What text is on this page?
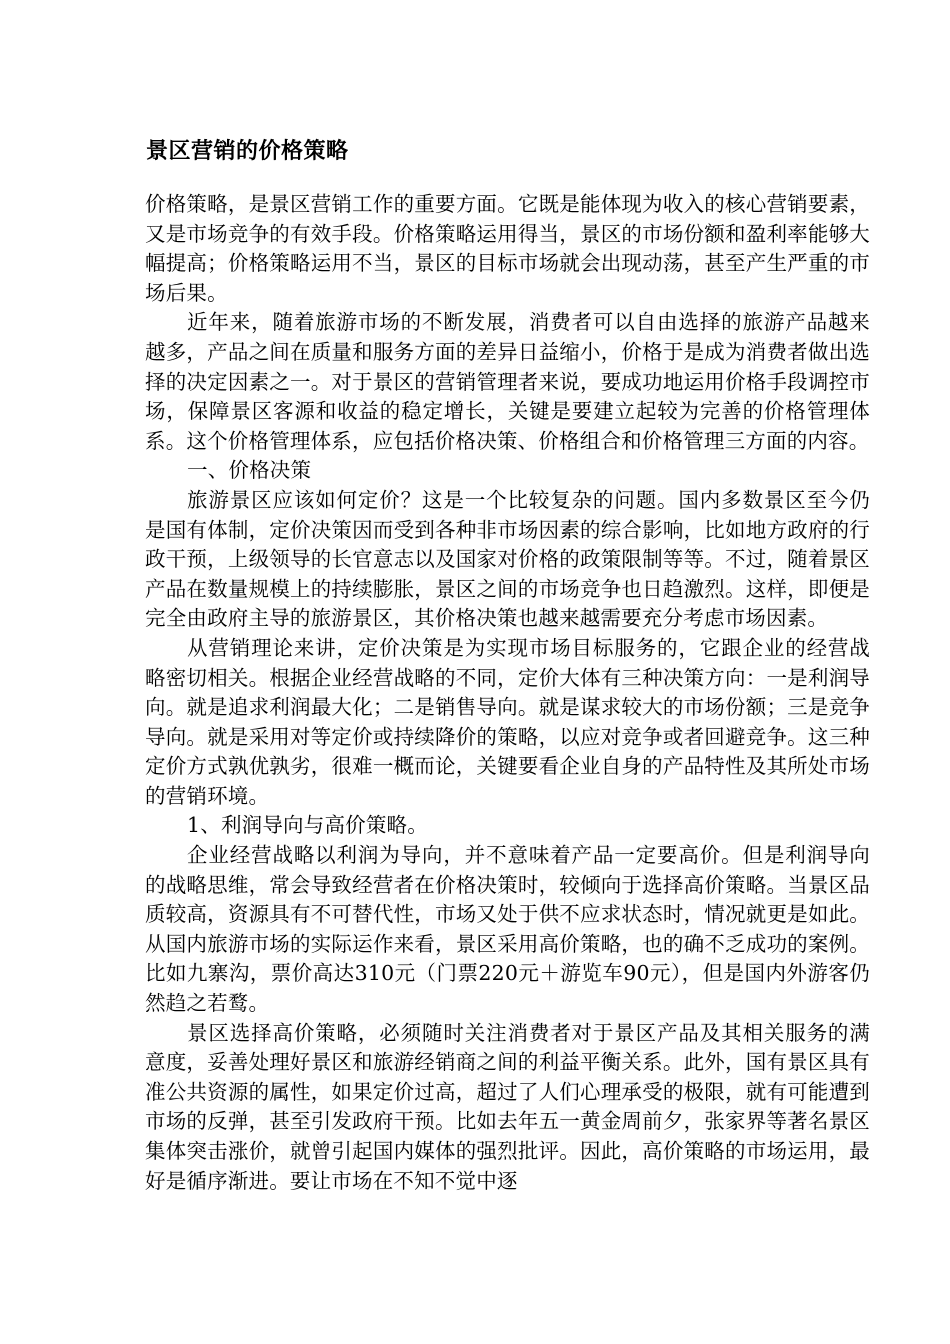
景区营销的价格策略

价格策略，是景区营销工作的重要方面。它既是能体现为收入的核心营销要素，又是市场竞争的有效手段。价格策略运用得当，景区的市场份额和盈利率能够大幅提高；价格策略运用不当，景区的目标市场就会出现动荡，甚至产生严重的市场后果。

近年来，随着旅游市场的不断发展，消费者可以自由选择的旅游产品越来越多，产品之间在质量和服务方面的差异日益缩小，价格于是成为消费者做出选择的决定因素之一。对于景区的营销管理者来说，要成功地运用价格手段调控市场，保障景区客源和收益的稳定增长，关键是要建立起较为完善的价格管理体系。这个价格管理体系，应包括价格决策、价格组合和价格管理三方面的内容。

一、价格决策

旅游景区应该如何定价？这是一个比较复杂的问题。国内多数景区至今仍是国有体制，定价决策因而受到各种非市场因素的综合影响，比如地方政府的行政干预，上级领导的长官意志以及国家对价格的政策限制等等。不过，随着景区产品在数量规模上的持续膨胀，景区之间的市场竞争也日趋激烈。这样，即便是完全由政府主导的旅游景区，其价格决策也越来越需要充分考虑市场因素。

从营销理论来讲，定价决策是为实现市场目标服务的，它跟企业的经营战略密切相关。根据企业经营战略的不同，定价大体有三种决策方向：一是利润导向。就是追求利润最大化；二是销售导向。就是谋求较大的市场份额；三是竞争导向。就是采用对等定价或持续降价的策略，以应对竞争或者回避竞争。这三种定价方式孰优孰劣，很难一概而论，关键要看企业自身的产品特性及其所处市场的营销环境。

1、利润导向与高价策略。

企业经营战略以利润为导向，并不意味着产品一定要高价。但是利润导向的战略思维，常会导致经营者在价格决策时，较倾向于选择高价策略。当景区品质较高，资源具有不可替代性，市场又处于供不应求状态时，情况就更是如此。从国内旅游市场的实际运作来看，景区采用高价策略，也的确不乏成功的案例。比如九寨沟，票价高达310元（门票220元＋游览车90元），但是国内外游客仍然趋之若鹜。

景区选择高价策略，必须随时关注消费者对于景区产品及其相关服务的满意度，妥善处理好景区和旅游经销商之间的利益平衡关系。此外，国有景区具有准公共资源的属性，如果定价过高，超过了人们心理承受的极限，就有可能遭到市场的反弹，甚至引发政府干预。比如去年五一黄金周前夕，张家界等著名景区集体突击涨价，就曾引起国内媒体的强烈批评。因此，高价策略的市场运用，最好是循序渐进。要让市场在不知不觉中逐
